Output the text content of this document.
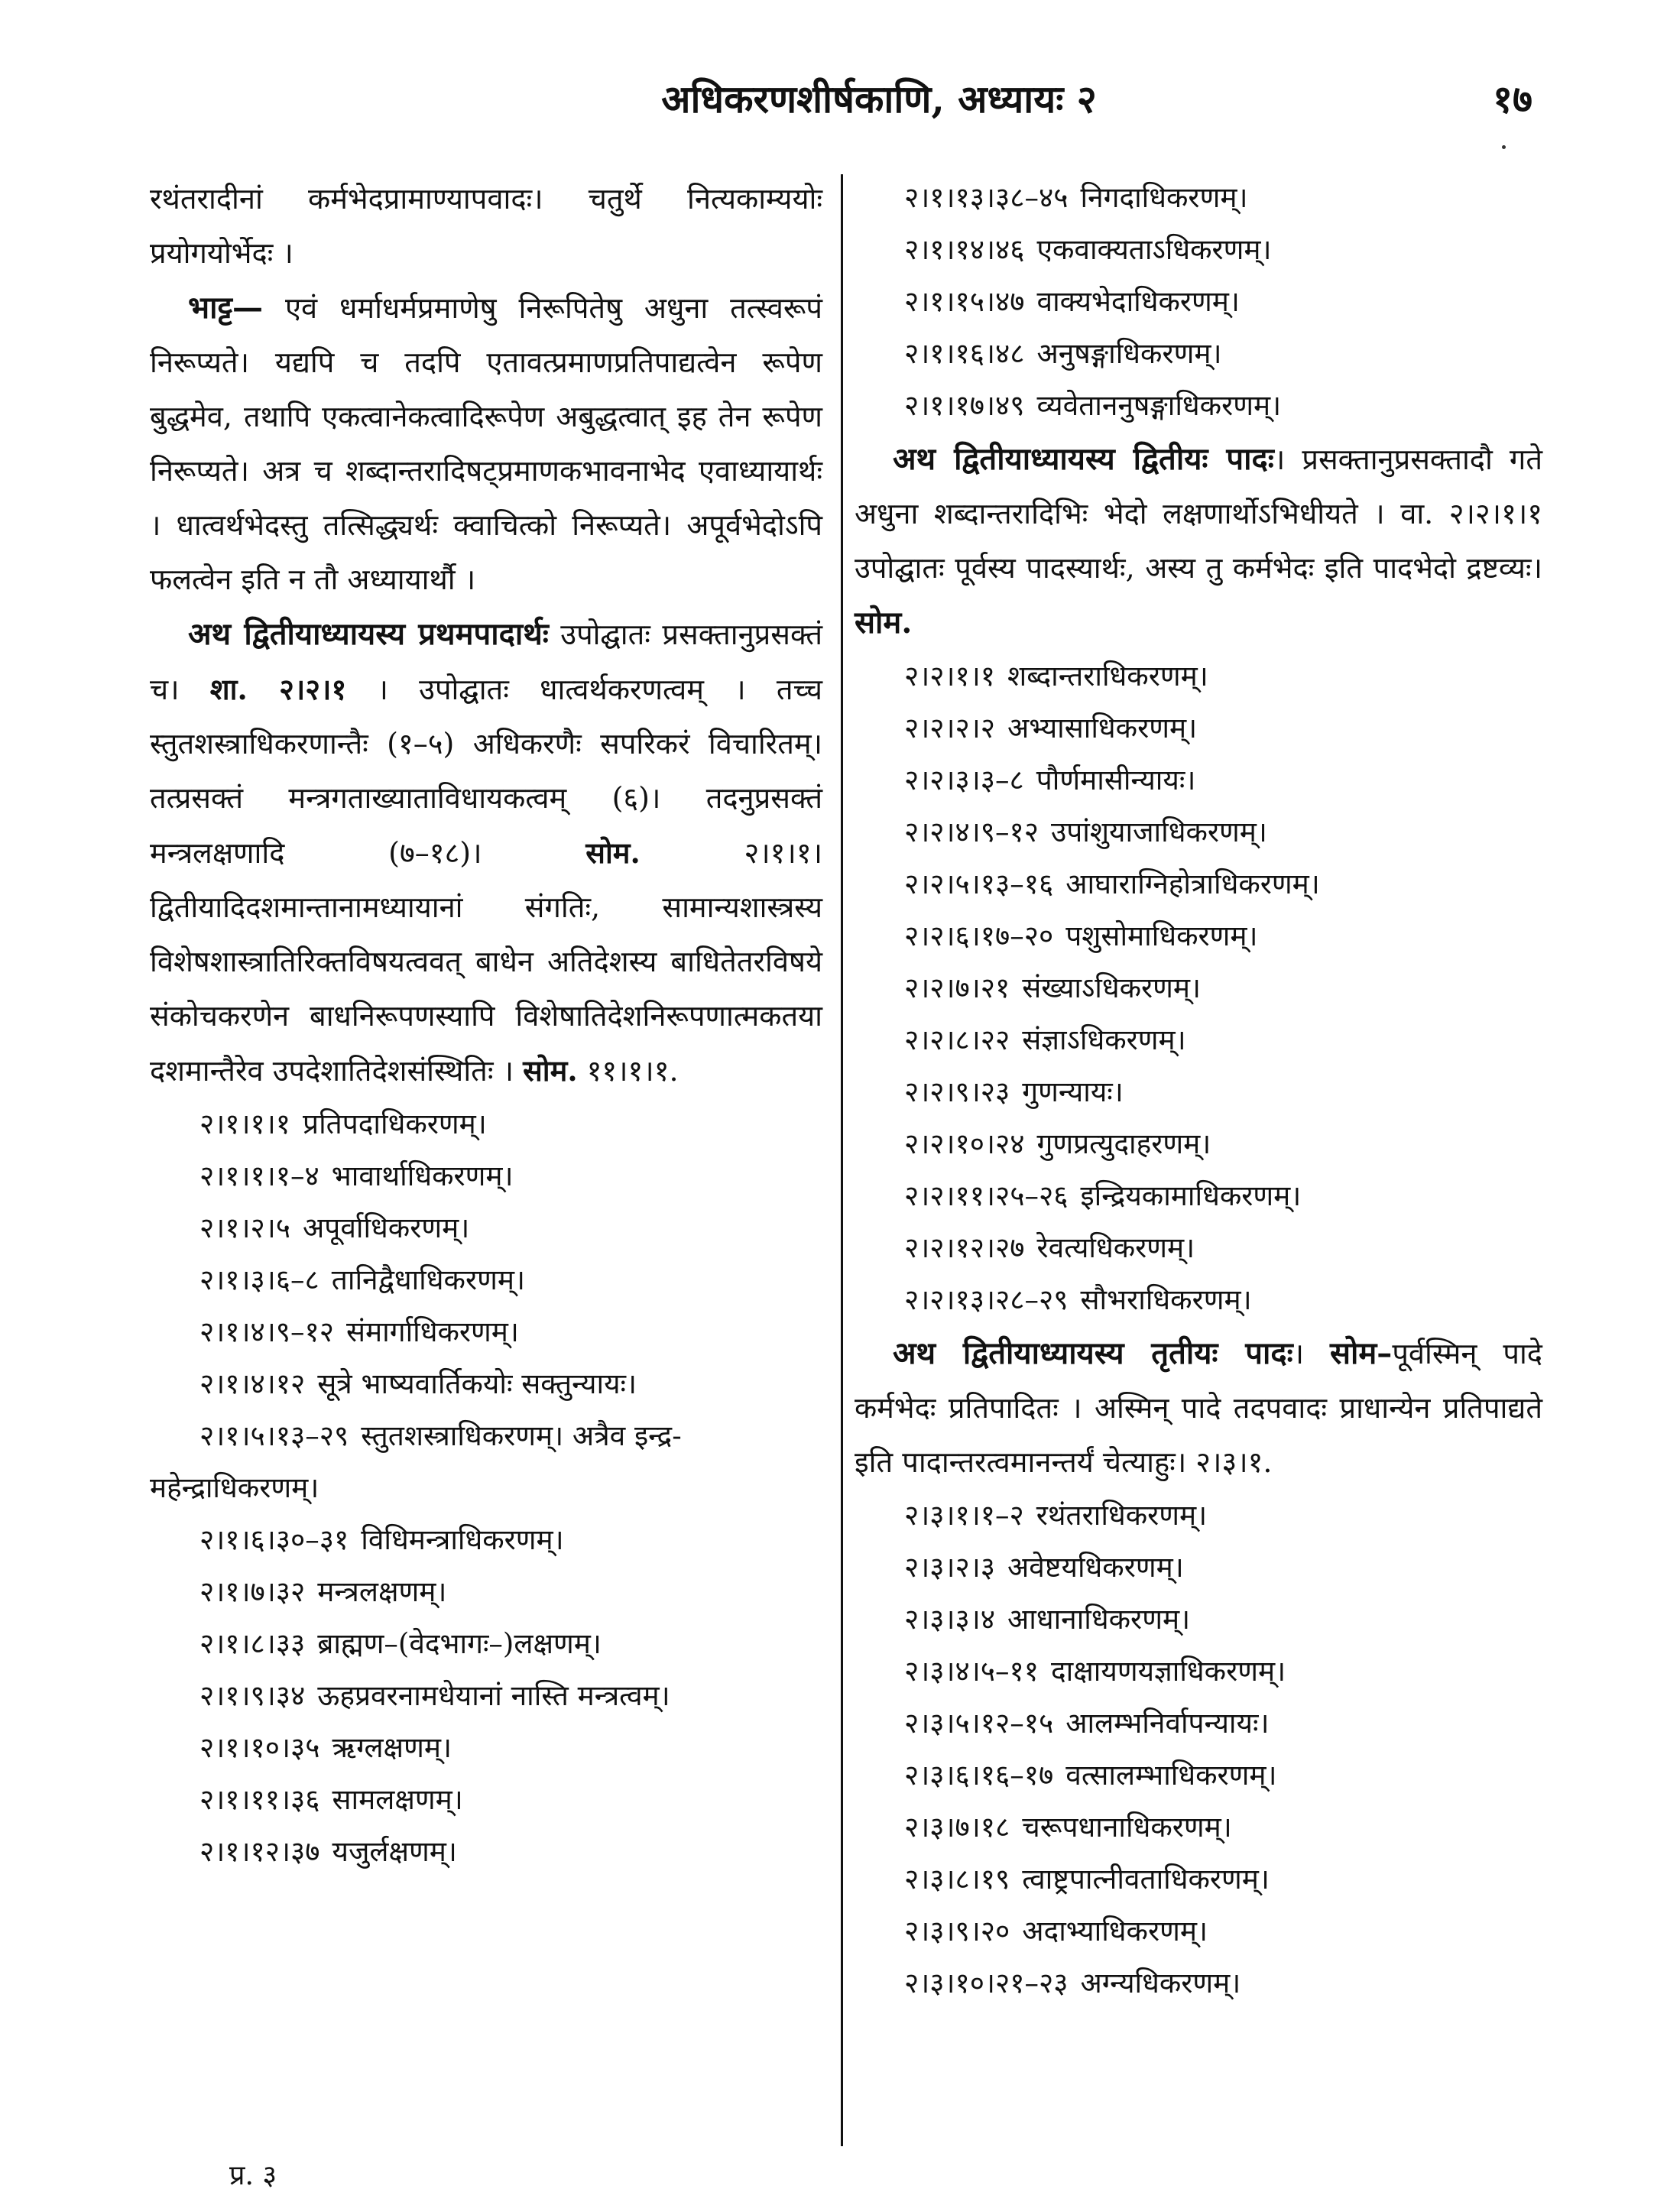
अधिकरणशीर्षकाणि, अध्यायः २	१७

रथंतरादीनां कर्मभेदप्रामाण्यापवादः। चतुर्थे नित्यकाम्ययोः प्रयोगयोर्भेदः ।

भाट्ट— एवं धर्माधर्मप्रमाणेषु निरूपितेषु अधुना तत्स्वरूपं निरूप्यते। यद्यपि च तदपि एतावत्प्रमाणप्रतिपाद्यत्वेन रूपेण बुद्धमेव, तथापि एकत्वानेकत्वादिरूपेण अबुद्धत्वात् इह तेन रूपेण निरूप्यते। अत्र च शब्दान्तरादिषट्प्रमाणकभावनाभेद एवाध्यायार्थः । धात्वर्थभेदस्तु तत्सिद्ध्यर्थः क्वाचित्को निरूप्यते। अपूर्वभेदोऽपि फलत्वेन इति न तौ अध्यायार्थौ ।

अथ द्वितीयाध्यायस्य प्रथमपादार्थः उपोद्घातः प्रसक्तानुप्रसक्तं च। शा. २।२।१ । उपोद्घातः धात्वर्थकरणत्वम् । तच्च स्तुतशस्त्राधिकरणान्तैः (१–५) अधिकरणैः सपरिकरं विचारितम्। तत्प्रसक्तं मन्त्रगताख्याताविधायकत्वम् (६)। तदनुप्रसक्तं मन्त्रलक्षणादि (७–१८)। सोम. २।१।१। द्वितीयादिदशमान्तानामध्यायानां संगतिः, सामान्यशास्त्रस्य विशेषशास्त्रातिरिक्तविषयत्ववत् बाधेन अतिदेशस्य बाधितेतरविषये संकोचकरणेन बाधनिरूपणस्यापि विशेषातिदेशनिरूपणात्मकतया दशमान्तैरेव उपदेशातिदेशसंस्थितिः । सोम. ११।१।१.

२।१।१।१ प्रतिपदाधिकरणम्।

२।१।१।१–४ भावार्थाधिकरणम्।

२।१।२।५ अपूर्वाधिकरणम्।

२।१।३।६–८ तानिद्वैधाधिकरणम्।

२।१।४।९–१२ संमार्गाधिकरणम्।

२।१।४।१२ सूत्रे भाष्यवार्तिकयोः सक्तुन्यायः।

२।१।५।१३–२९ स्तुतशस्त्राधिकरणम्। अत्रैव इन्द्र-

महेन्द्राधिकरणम्।

२।१।६।३०–३१ विधिमन्त्राधिकरणम्।

२।१।७।३२ मन्त्रलक्षणम्।

२।१।८।३३ ब्राह्मण–(वेदभागः–)लक्षणम्।

२।१।९।३४ ऊहप्रवरनामधेयानां नास्ति मन्त्रत्वम्।

२।१।१०।३५ ऋग्लक्षणम्।

२।१।११।३६ सामलक्षणम्।

२।१।१२।३७ यजुर्लक्षणम्।

२।१।१३।३८–४५ निगदाधिकरणम्।

२।१।१४।४६ एकवाक्यताऽधिकरणम्।

२।१।१५।४७ वाक्यभेदाधिकरणम्।

२।१।१६।४८ अनुषङ्गाधिकरणम्।

२।१।१७।४९ व्यवेताननुषङ्गाधिकरणम्।

अथ द्वितीयाध्यायस्य द्वितीयः पादः। प्रसक्तानुप्रसक्तादौ गते अधुना शब्दान्तरादिभिः भेदो लक्षणार्थोऽभिधीयते । वा. २।२।१।१ उपोद्घातः पूर्वस्य पादस्यार्थः, अस्य तु कर्मभेदः इति पादभेदो द्रष्टव्यः। सोम.

२।२।१।१ शब्दान्तराधिकरणम्।

२।२।२।२ अभ्यासाधिकरणम्।

२।२।३।३–८ पौर्णमासीन्यायः।

२।२।४।९–१२ उपांशुयाजाधिकरणम्।

२।२।५।१३–१६ आघाराग्निहोत्राधिकरणम्।

२।२।६।१७–२० पशुसोमाधिकरणम्।

२।२।७।२१ संख्याऽधिकरणम्।

२।२।८।२२ संज्ञाऽधिकरणम्।

२।२।९।२३ गुणन्यायः।

२।२।१०।२४ गुणप्रत्युदाहरणम्।

२।२।११।२५–२६ इन्द्रियकामाधिकरणम्।

२।२।१२।२७ रेवत्यधिकरणम्।

२।२।१३।२८–२९ सौभराधिकरणम्।

अथ द्वितीयाध्यायस्य तृतीयः पादः। सोम–पूर्वस्मिन् पादे कर्मभेदः प्रतिपादितः । अस्मिन् पादे तदपवादः प्राधान्येन प्रतिपाद्यते इति पादान्तरत्वमानन्तर्यं चेत्याहुः। २।३।१.

२।३।१।१–२ रथंतराधिकरणम्।

२।३।२।३ अवेष्टयधिकरणम्।

२।३।३।४ आधानाधिकरणम्।

२।३।४।५–११ दाक्षायणयज्ञाधिकरणम्।

२।३।५।१२–१५ आलम्भनिर्वापन्यायः।

२।३।६।१६–१७ वत्सालम्भाधिकरणम्।

२।३।७।१८ चरूपधानाधिकरणम्।

२।३।८।१९ त्वाष्ट्रपात्नीवताधिकरणम्।

२।३।९।२० अदाभ्याधिकरणम्।

२।३।१०।२१–२३ अग्न्यधिकरणम्।

प्र. ३
